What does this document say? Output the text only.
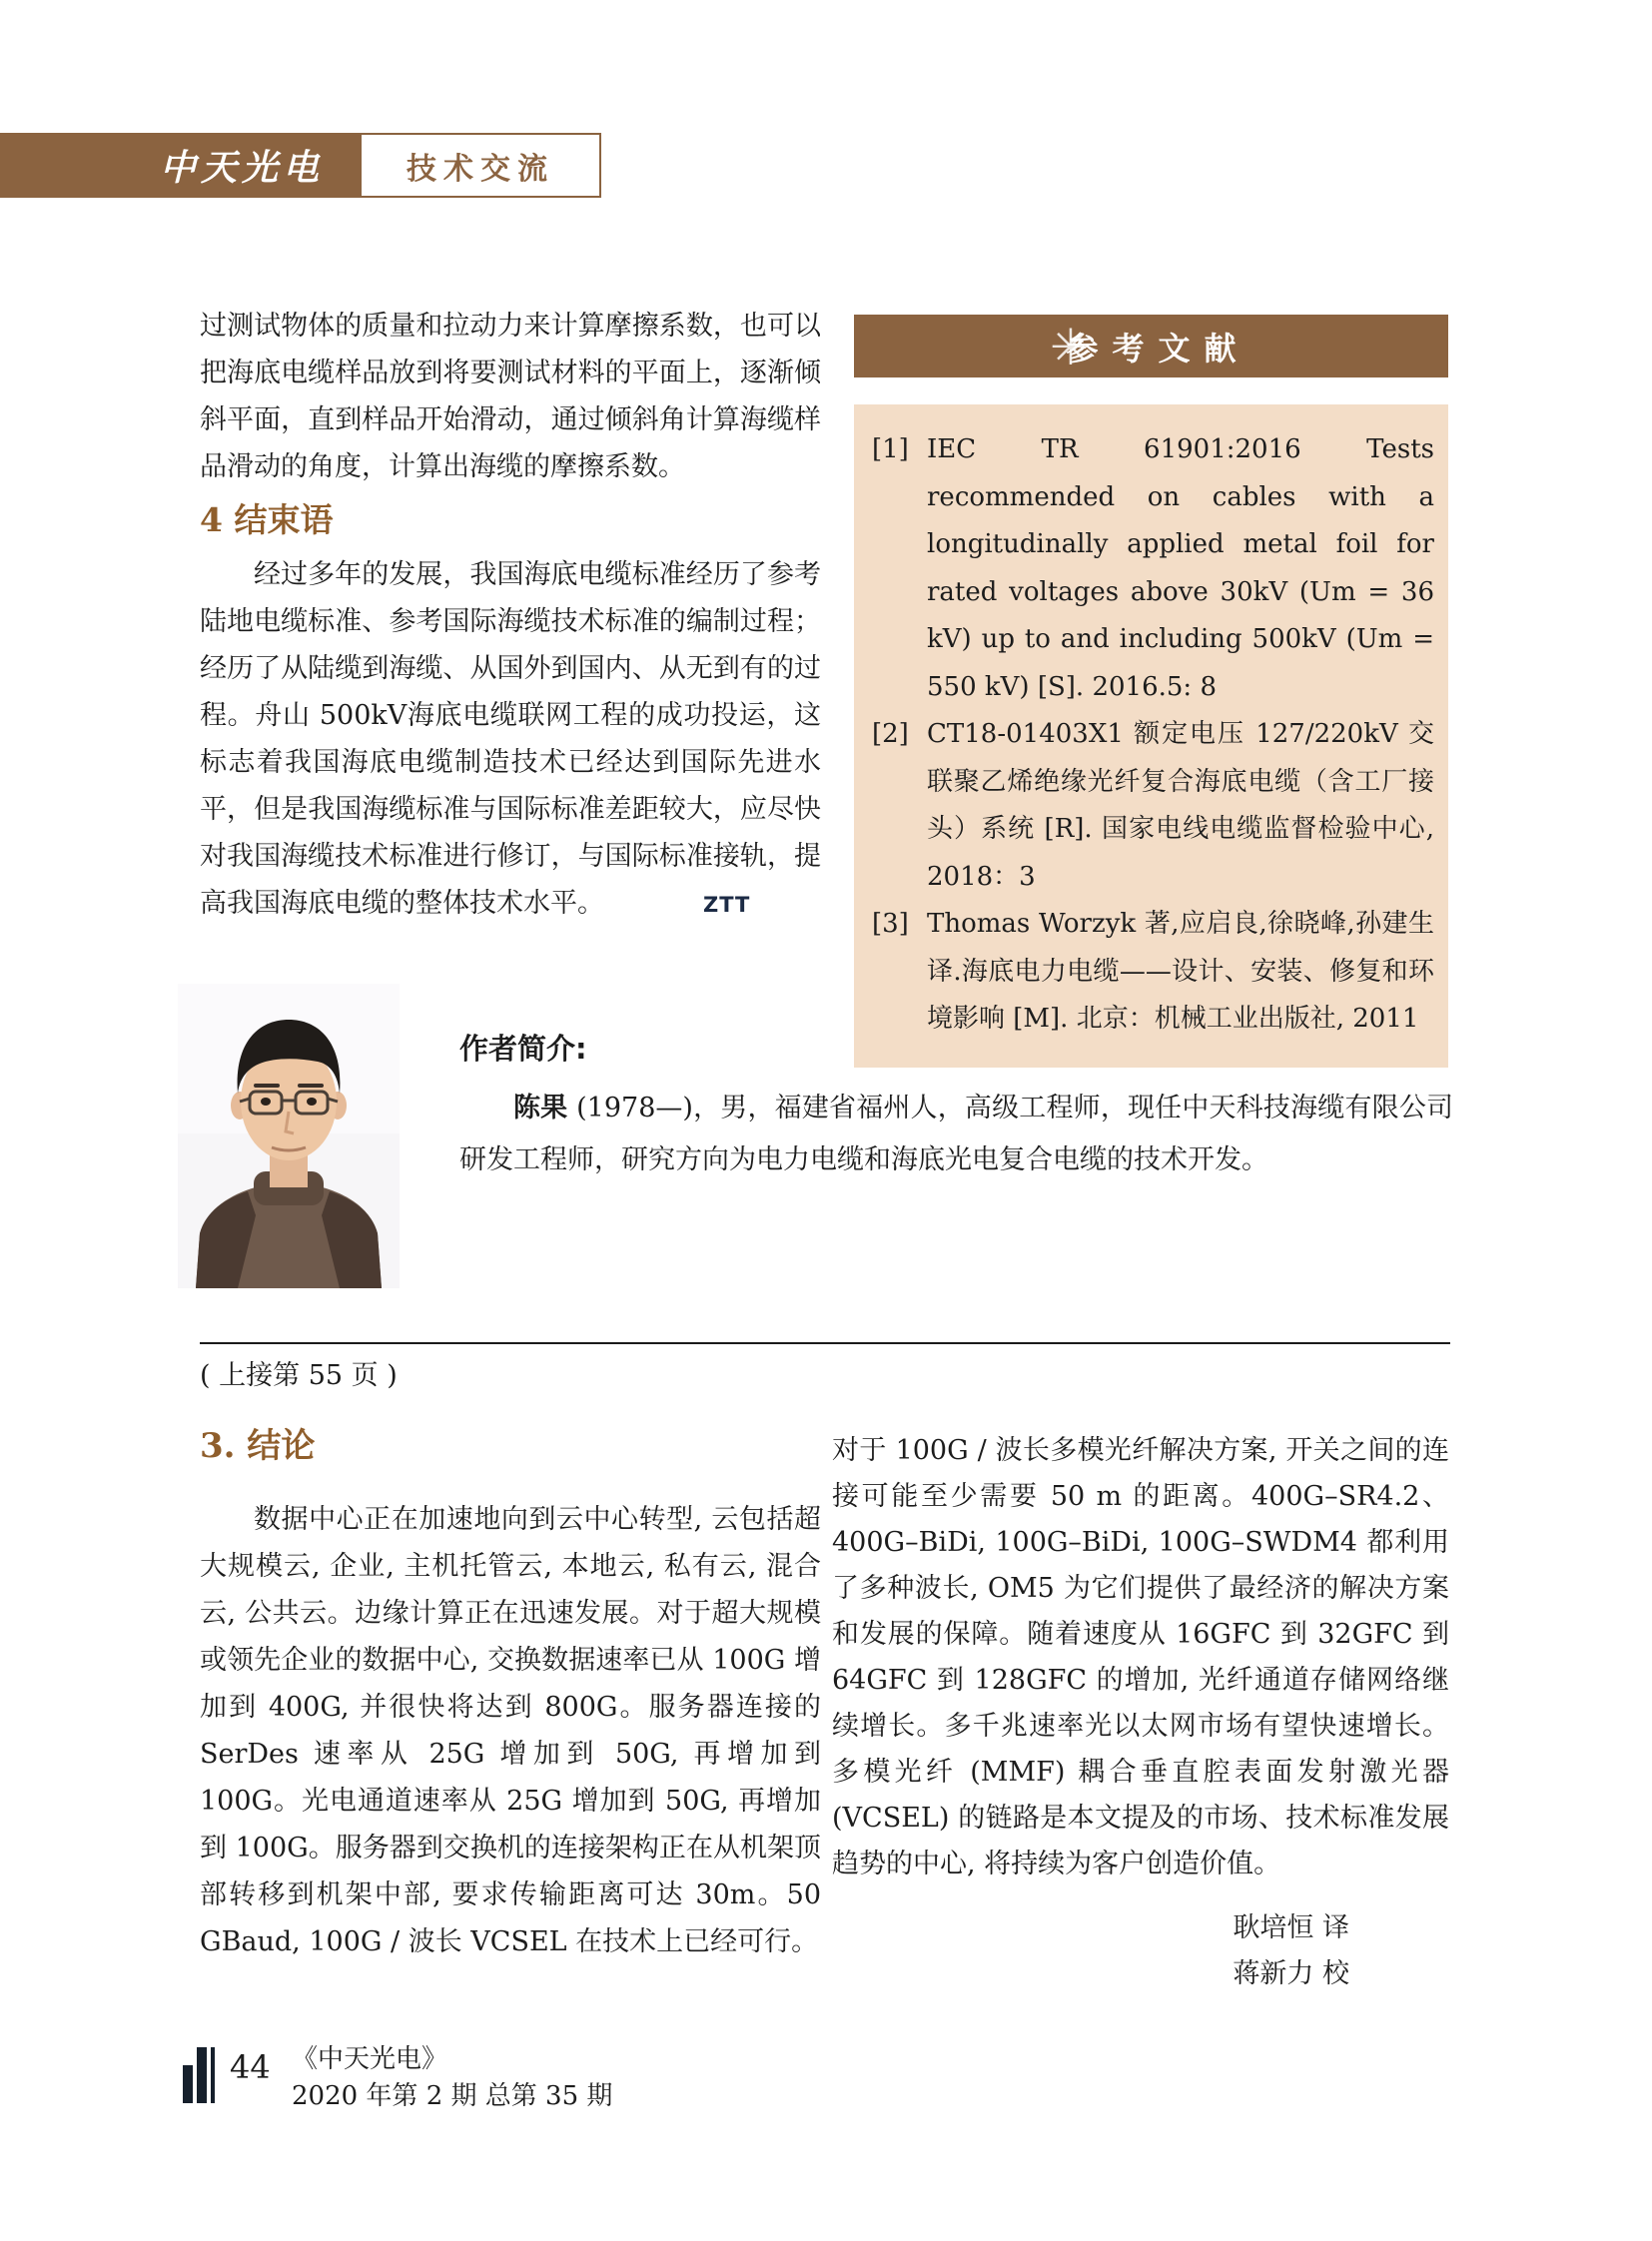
中天光电	技术交流

过测试物体的质量和拉动力来计算摩擦系数，也可以把海底电缆样品放到将要测试材料的平面上，逐渐倾斜平面，直到样品开始滑动，通过倾斜角计算海缆样品滑动的角度，计算出海缆的摩擦系数。

4 结束语

经过多年的发展，我国海底电缆标准经历了参考陆地电缆标准、参考国际海缆技术标准的编制过程；经历了从陆缆到海缆、从国外到国内、从无到有的过程。舟山 500kV海底电缆联网工程的成功投运，这标志着我国海底电缆制造技术已经达到国际先进水平，但是我国海缆标准与国际标准差距较大，应尽快对我国海缆技术标准进行修订，与国际标准接轨，提高我国海底电缆的整体技术水平。	ZTT

✳
参考文献
[1] IEC TR 61901:2016 Tests recommended on cables with a longitudinally applied metal foil for rated voltages above 30kV (Um = 36 kV) up to and including 500kV (Um = 550 kV) [S]. 2016.5: 8
[2] CT18-01403X1 额定电压 127/220kV 交联聚乙烯绝缘光纤复合海底电缆（含工厂接头）系统 [R]. 国家电线电缆监督检验中心, 2018：3
[3] Thomas Worzyk 著,应启良,徐晓峰,孙建生译.海底电力电缆——设计、安装、修复和环境影响 [M]. 北京：机械工业出版社, 2011
作者简介:

陈果 (1978—)，男，福建省福州人，高级工程师，现任中天科技海缆有限公司研发工程师，研究方向为电力电缆和海底光电复合电缆的技术开发。

( 上接第 55 页 )
3. 结论

数据中心正在加速地向到云中心转型, 云包括超大规模云, 企业, 主机托管云, 本地云, 私有云, 混合云, 公共云。边缘计算正在迅速发展。对于超大规模或领先企业的数据中心, 交换数据速率已从 100G 增加到 400G, 并很快将达到 800G。服务器连接的 SerDes 速率从 25G 增加到 50G, 再增加到 100G。光电通道速率从 25G 增加到 50G, 再增加到 100G。服务器到交换机的连接架构正在从机架顶部转移到机架中部, 要求传输距离可达 30m。50 GBaud, 100G / 波长 VCSEL 在技术上已经可行。

对于 100G / 波长多模光纤解决方案, 开关之间的连接可能至少需要 50 m 的距离。400G–SR4.2、400G–BiDi, 100G–BiDi, 100G–SWDM4 都利用了多种波长, OM5 为它们提供了最经济的解决方案和发展的保障。随着速度从 16GFC 到 32GFC 到 64GFC 到 128GFC 的增加, 光纤通道存储网络继续增长。多千兆速率光以太网市场有望快速增长。多模光纤 (MMF) 耦合垂直腔表面发射激光器 (VCSEL) 的链路是本文提及的市场、技术标准发展趋势的中心, 将持续为客户创造价值。

耿培恒 译
蒋新力 校
44 《中天光电》
2020 年第 2 期 总第 35 期
